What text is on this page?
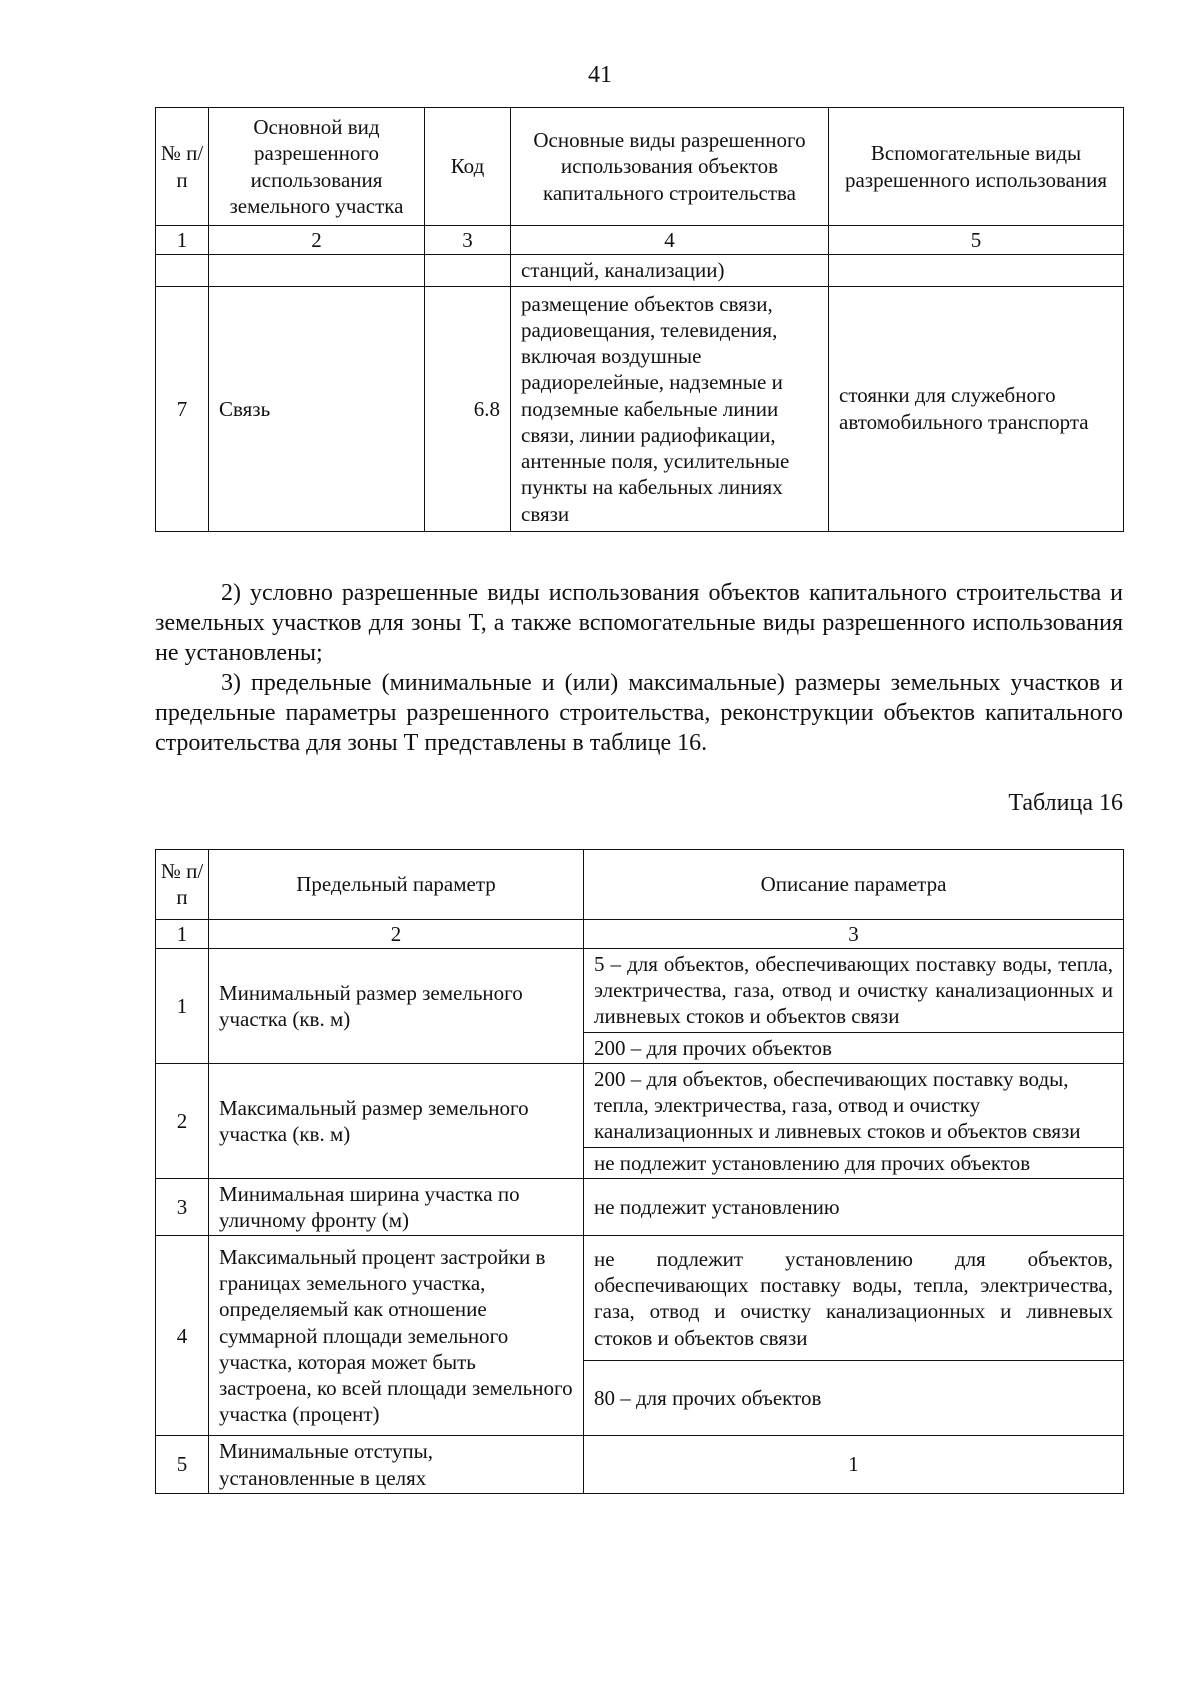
41
№ п/п	Основной вид разрешенного использования земельного участка	Код	Основные виды разрешенного использования объектов капитального строительства	Вспомогательные виды разрешенного использования
1	2	3	4	5
			станций, канализации)	
7	Связь	6.8	размещение объектов связи, радиовещания, телевидения, включая воздушные радиорелейные, надземные и подземные кабельные линии связи, линии радиофикации, антенные поля, усилительные пункты на кабельных линиях связи	стоянки для служебного автомобильного транспорта

2) условно разрешенные виды использования объектов капитального строительства и земельных участков для зоны Т, а также вспомогательные виды разрешенного использования не установлены;

3) предельные (минимальные и (или) максимальные) размеры земельных участков и предельные параметры разрешенного строительства, реконструкции объектов капитального строительства для зоны Т представлены в таблице 16.

Таблица 16
№ п/п	Предельный параметр	Описание параметра
1	2	3
1	Минимальный размер земельного участка (кв. м)	5 – для объектов, обеспечивающих поставку воды, тепла, электричества, газа, отвод и очистку канализационных и ливневых стоков и объектов связи
		200 – для прочих объектов
2	Максимальный размер земельного участка (кв. м)	200 – для объектов, обеспечивающих поставку воды, тепла, электричества, газа, отвод и очистку канализационных и ливневых стоков и объектов связи
		не подлежит установлению для прочих объектов
3	Минимальная ширина участка по уличному фронту (м)	не подлежит установлению
4	Максимальный процент застройки в границах земельного участка, определяемый как отношение суммарной площади земельного участка, которая может быть застроена, ко всей площади земельного участка (процент)	не подлежит установлению для объектов, обеспечивающих поставку воды, тепла, электричества, газа, отвод и очистку канализационных и ливневых стоков и объектов связи
		80 – для прочих объектов
5	Минимальные отступы, установленные в целях	1
